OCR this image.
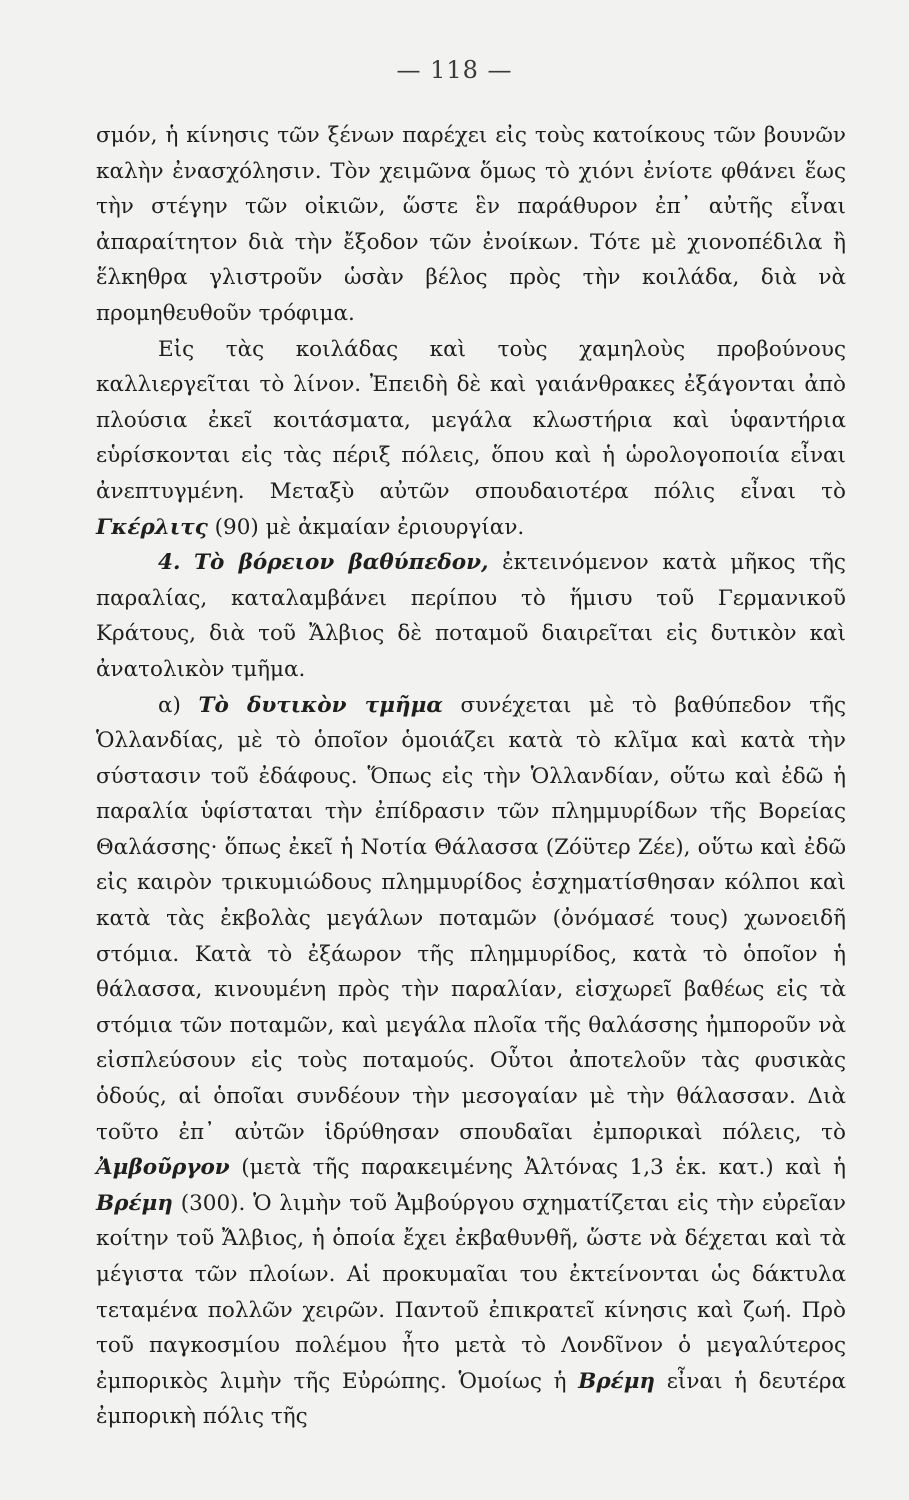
— 118 —

σμόν, ἡ κίνησις τῶν ξένων παρέχει εἰς τοὺς κατοίκους τῶν βουνῶν καλὴν ἐνασχόλησιν. Τὸν χειμῶνα ὅμως τὸ χιόνι ἐνίοτε φθάνει ἕως τὴν στέγην τῶν οἰκιῶν, ὥστε ἓν παράθυρον ἐπ᾽ αὐτῆς εἶναι ἀπαραίτητον διὰ τὴν ἔξοδον τῶν ἐνοίκων. Τότε μὲ χιονοπέδιλα ἢ ἕλκηθρα γλιστροῦν ὡσὰν βέλος πρὸς τὴν κοιλάδα, διὰ νὰ προμηθευθοῦν τρόφιμα.

Εἰς τὰς κοιλάδας καὶ τοὺς χαμηλοὺς προβούνους καλλιεργεῖται τὸ λίνον. Ἐπειδὴ δὲ καὶ γαιάνθρακες ἐξάγονται ἀπὸ πλούσια ἐκεῖ κοιτάσματα, μεγάλα κλωστήρια καὶ ὑφαντήρια εὑρίσκονται εἰς τὰς πέριξ πόλεις, ὅπου καὶ ἡ ὡρολογοποιία εἶναι ἀνεπτυγμένη. Μεταξὺ αὐτῶν σπουδαιοτέρα πόλις εἶναι τὸ Γκέρλιτς (90) μὲ ἀκμαίαν ἐριουργίαν.

4. Τὸ βόρειον βαθύπεδον, ἐκτεινόμενον κατὰ μῆκος τῆς παραλίας, καταλαμβάνει περίπου τὸ ἥμισυ τοῦ Γερμανικοῦ Κράτους, διὰ τοῦ Ἄλβιος δὲ ποταμοῦ διαιρεῖται εἰς δυτικὸν καὶ ἀνατολικὸν τμῆμα.

α) Τὸ δυτικὸν τμῆμα συνέχεται μὲ τὸ βαθύπεδον τῆς Ὁλλανδίας, μὲ τὸ ὁποῖον ὁμοιάζει κατὰ τὸ κλῖμα καὶ κατὰ τὴν σύστασιν τοῦ ἐδάφους. Ὅπως εἰς τὴν Ὁλλανδίαν, οὕτω καὶ ἐδῶ ἡ παραλία ὑφίσταται τὴν ἐπίδρασιν τῶν πλημμυρίδων τῆς Βορείας Θαλάσσης· ὅπως ἐκεῖ ἡ Νοτία Θάλασσα (Ζόϋτερ Ζέε), οὕτω καὶ ἐδῶ εἰς καιρὸν τρικυμιώδους πλημμυρίδος ἐσχηματίσθησαν κόλποι καὶ κατὰ τὰς ἐκβολὰς μεγάλων ποταμῶν (ὀνόμασέ τους) χωνοειδῆ στόμια. Κατὰ τὸ ἐξάωρον τῆς πλημμυρίδος, κατὰ τὸ ὁποῖον ἡ θάλασσα, κινουμένη πρὸς τὴν παραλίαν, εἰσχωρεῖ βαθέως εἰς τὰ στόμια τῶν ποταμῶν, καὶ μεγάλα πλοῖα τῆς θαλάσσης ἠμποροῦν νὰ εἰσπλεύσουν εἰς τοὺς ποταμούς. Οὗτοι ἀποτελοῦν τὰς φυσικὰς ὁδούς, αἱ ὁποῖαι συνδέουν τὴν μεσογαίαν μὲ τὴν θάλασσαν. Διὰ τοῦτο ἐπ᾽ αὐτῶν ἱδρύθησαν σπουδαῖαι ἐμπορικαὶ πόλεις, τὸ Ἀμβοῦργον (μετὰ τῆς παρακειμένης Ἀλτόνας 1,3 ἑκ. κατ.) καὶ ἡ Βρέμη (300). Ὁ λιμὴν τοῦ Ἀμβούργου σχηματίζεται εἰς τὴν εὐρεῖαν κοίτην τοῦ Ἄλβιος, ἡ ὁποία ἔχει ἐκβαθυνθῆ, ὥστε νὰ δέχεται καὶ τὰ μέγιστα τῶν πλοίων. Αἱ προκυμαῖαι του ἐκτείνονται ὡς δάκτυλα τεταμένα πολλῶν χειρῶν. Παντοῦ ἐπικρατεῖ κίνησις καὶ ζωή. Πρὸ τοῦ παγκοσμίου πολέμου ἦτο μετὰ τὸ Λονδῖνον ὁ μεγαλύτερος ἐμπορικὸς λιμὴν τῆς Εὐρώπης. Ὁμοίως ἡ Βρέμη εἶναι ἡ δευτέρα ἐμπορικὴ πόλις τῆς
